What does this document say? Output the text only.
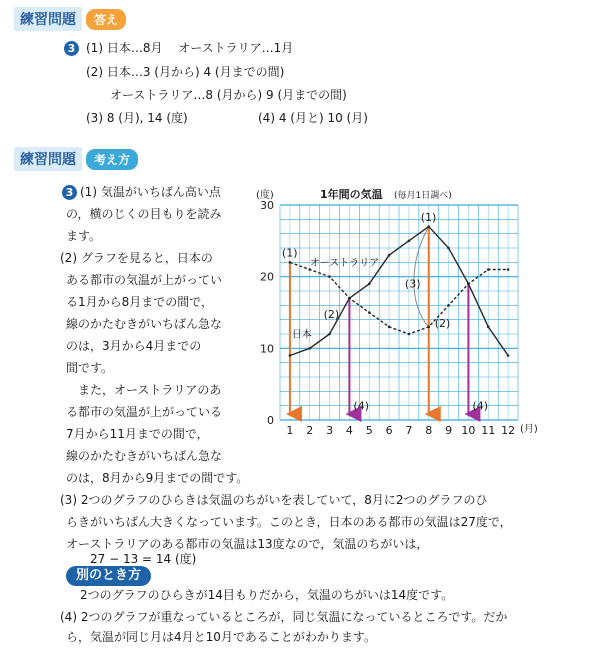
練習問題	答え
3 (1) 日本…8月 　オーストラリア…1月
(2) 日本…3 (月から) 4 (月までの間)
オーストラリア…8 (月から) 9 (月までの間)
(3) 8 (月), 14 (度)	(4) 4 (月と) 10 (月)
練習問題	考え方
3 (1) 気温がいちばん高い点
の，横のじくの目もりを読み
ます。
(2) グラフを見ると，日本の
ある都市の気温が上がってい
る1月から8月までの間で，
線のかたむきがいちばん急な
のは，3月から4月までの
間です。
また，オーストラリアのあ
る都市の気温が上がっている
7月から11月までの間で，
線のかたむきがいちばん急な
のは，8月から9月までの間です。
(3) 2つのグラフのひらきは気温のちがいを表していて，8月に2つのグラフのひ
らきがいちばん大きくなっています。このとき，日本のある都市の気温は27度で，
オーストラリアのある都市の気温は13度なので，気温のちがいは，
27 − 13 = 14 (度)
別のとき方
2つのグラフのひらきが14目もりだから，気温のちがいは14度です。
(4) 2つのグラフが重なっているところが，同じ気温になっているところです。だか
ら，気温が同じ月は4月と10月であることがわかります。
1年間の気温 (毎月1日調べ)
(度)
(月)
0
10
20
30
1 2 3 4 5 6 7 8 9 10 11 12
オーストラリア
日本
(1)
(1)
(2)
(2)
(3)
(4)	(4)
